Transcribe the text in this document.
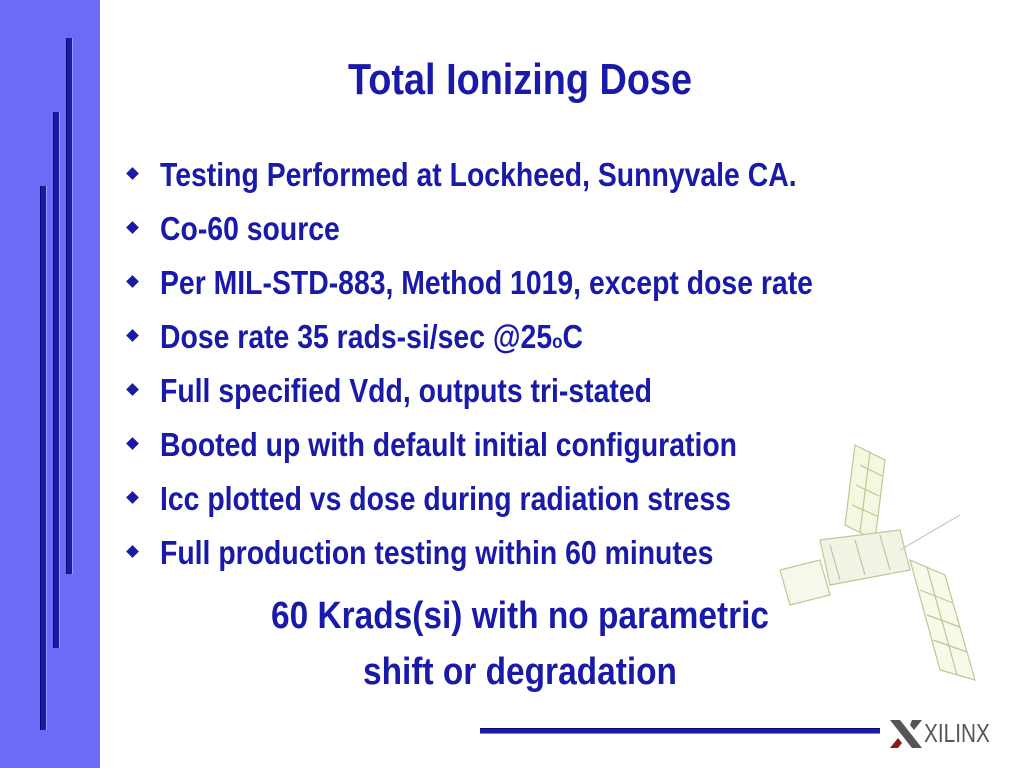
Total Ionizing Dose
Testing Performed at Lockheed, Sunnyvale CA.
Co-60 source
Per MIL-STD-883, Method 1019, except dose rate
Dose rate 35 rads-si/sec @25$^o$C
Full specified Vdd, outputs tri-stated
Booted up with default initial configuration
Icc plotted vs dose during radiation stress
Full production testing within 60 minutes
60 Krads(si) with no parametric
shift or degradation
XILINX
